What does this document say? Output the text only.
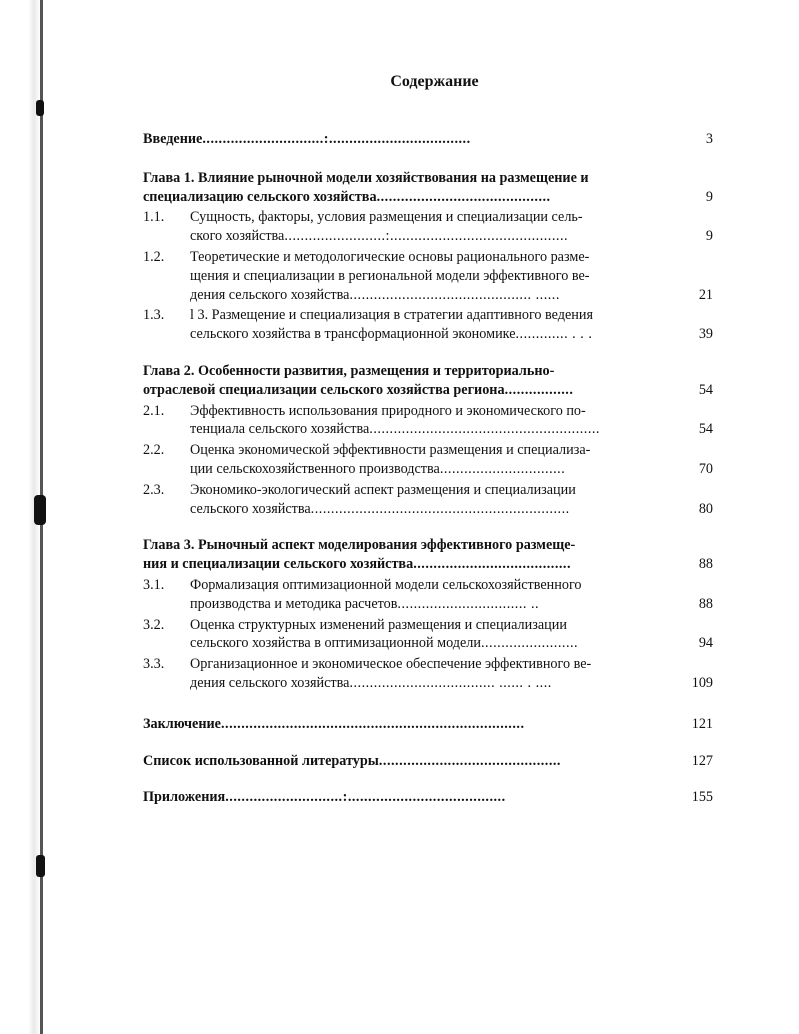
Содержание
Введение..............................:...................................	3
Глава 1. Влияние рыночной модели хозяйствования на размещение и
специализацию сельского хозяйства...........................................	9
1.1.	Сущность, факторы, условия размещения и специализации сель-
ского хозяйства.........................:............................................	9
1.2.	Теоретические и методологические основы рационального разме-
щения и специализации в региональной модели эффективного ве-
дения сельского хозяйства............................................. ......	21
1.3.	l 3. Размещение и специализация в стратегии адаптивного ведения
сельского хозяйства в трансформационной экономике............. . . .	39
Глава 2. Особенности развития, размещения и территориально-
отраслевой специализации сельского хозяйства региона.................	54
2.1.	Эффективность использования природного и экономического по-
тенциала сельского хозяйства.........................................................	54
2.2.	Оценка экономической эффективности размещения и специализа-
ции сельскохозяйственного производства...............................	70
2.3.	Экономико-экологический аспект размещения и специализации
сельского хозяйства................................................................	80
Глава 3. Рыночный аспект моделирования эффективного размеще-
ния и специализации сельского хозяйства.......................................	88
3.1.	Формализация оптимизационной модели сельскохозяйственного
производства и методика расчетов................................ ..	88
3.2.	Оценка структурных изменений размещения и специализации
сельского хозяйства в оптимизационной модели........................	94
3.3.	Организационное и экономическое обеспечение эффективного ве-
дения сельского хозяйства.................................... ...... . ....	109
Заключение...........................................................................	121
Список использованной литературы.............................................	127
Приложения.............................:.......................................	155
